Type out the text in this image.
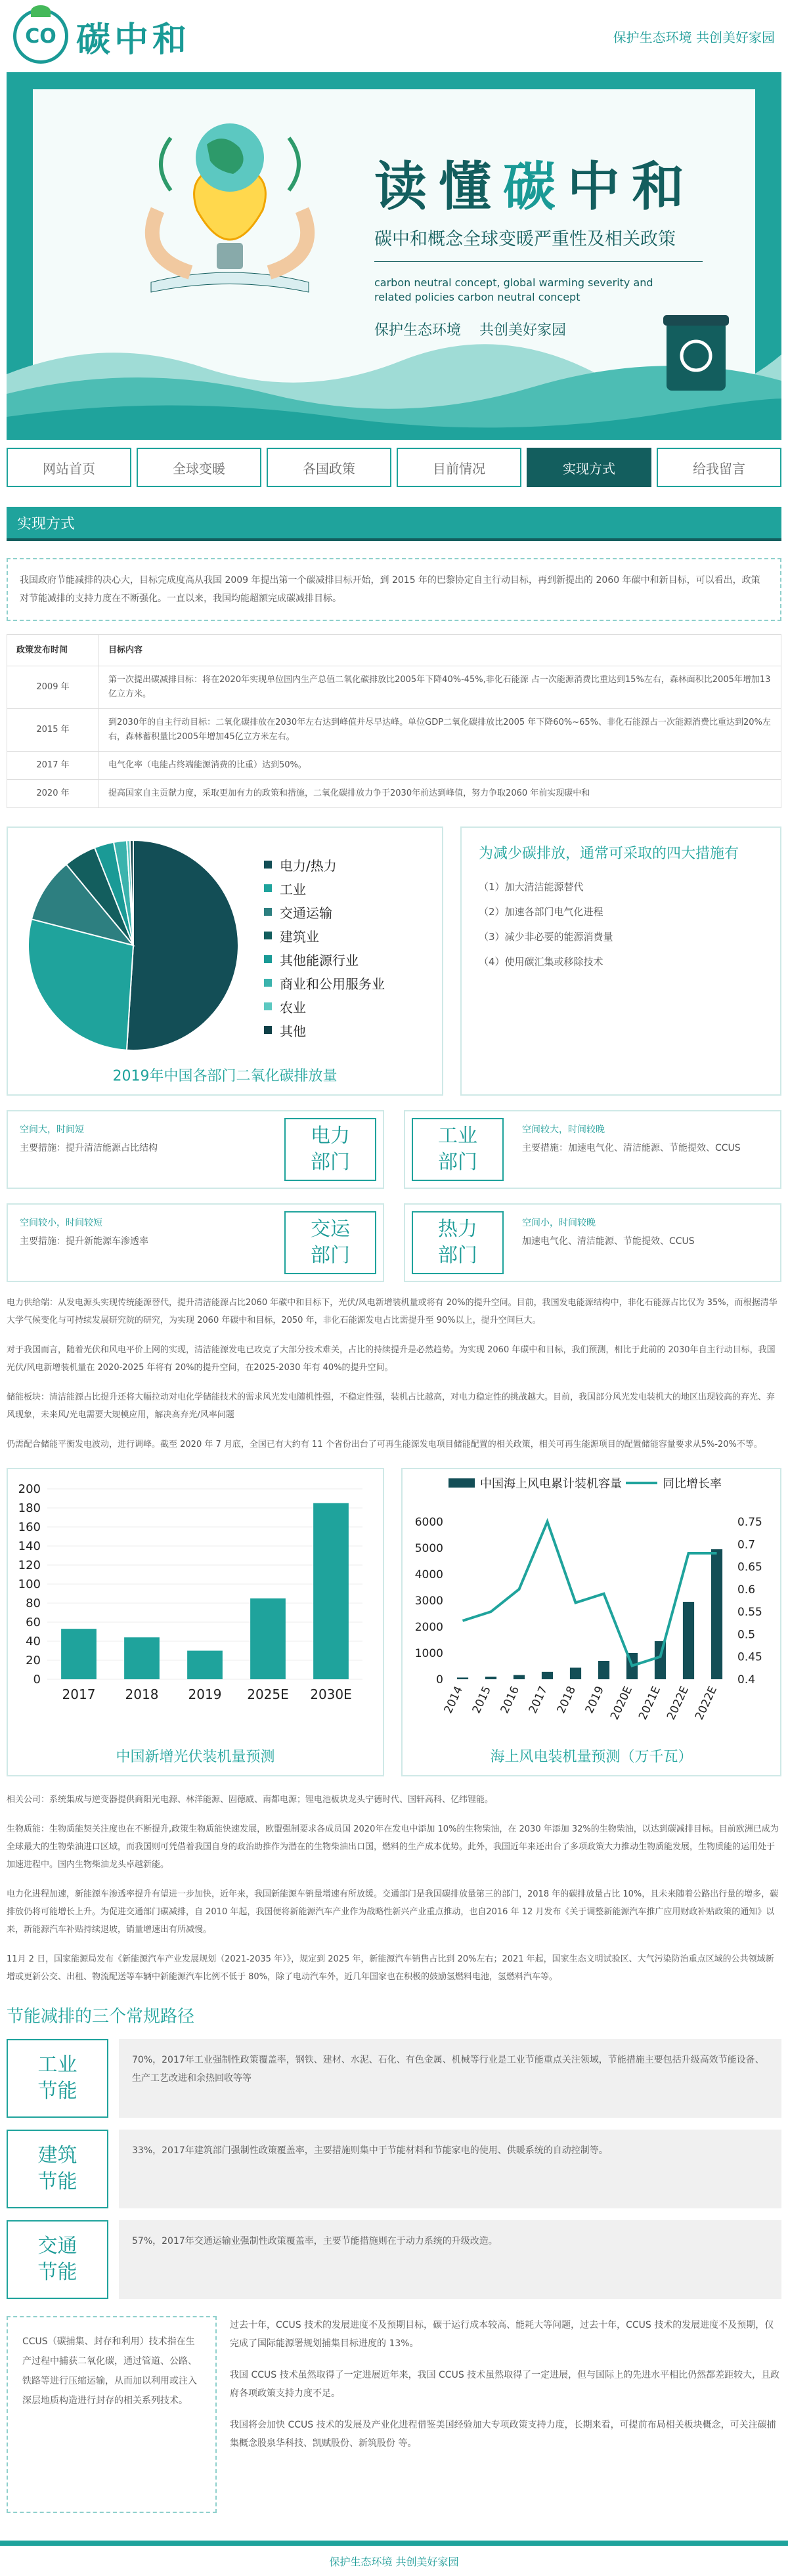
CO 碳中和	保护生态环境 共创美好家园
读懂碳中和
碳中和概念全球变暖严重性及相关政策
carbon neutral concept, global warming severity and related policies carbon neutral concept
保护生态环境    共创美好家园
网站首页	全球变暖	各国政策	目前情况	实现方式	给我留言
实现方式
我国政府节能减排的决心大，目标完成度高从我国 2009 年提出第一个碳减排目标开始，到 2015 年的巴黎协定自主行动目标，再到新提出的 2060 年碳中和新目标，可以看出，政策对节能减排的支持力度在不断强化。一直以来，我国均能超额完成碳减排目标。
政策发布时间	目标内容
2009 年	第一次提出碳减排目标：将在2020年实现单位国内生产总值二氧化碳排放比2005年下降40%-45%,非化石能源 占一次能源消费比重达到15%左右，森林面积比2005年增加13亿立方米。
2015 年	到2030年的自主行动目标：二氧化碳排放在2030年左右达到峰值并尽早达峰。单位GDP二氧化碳排放比2005 年下降60%~65%、非化石能源占一次能源消费比重达到20%左右，森林蓄积量比2005年增加45亿立方米左右。
2017 年	电气化率（电能占终端能源消费的比重）达到50%。
2020 年	提高国家自主贡献力度，采取更加有力的政策和措施，二氧化碳排放力争于2030年前达到峰值，努力争取2060 年前实现碳中和
电力/热力
工业
交通运输
建筑业
其他能源行业
商业和公用服务业
农业
其他
2019年中国各部门二氧化碳排放量
为减少碳排放，通常可采取的四大措施有
（1）加大清洁能源替代
（2）加速各部门电气化进程
（3）减少非必要的能源消费量
（4）使用碳汇集或移除技术
空间大，时间短
主要措施：提升清洁能源占比结构
电力
部门
工业
部门
空间较大，时间较晚
主要措施：加速电气化、清洁能源、节能提效、CCUS
空间较小，时间较短
主要措施：提升新能源车渗透率
交运
部门
热力
部门
空间小，时间较晚
加速电气化、清洁能源、节能提效、CCUS
电力供给端：从发电源头实现传统能源替代，提升清洁能源占比2060 年碳中和目标下，光伏/风电新增装机量或将有 20%的提升空间。目前，我国发电能源结构中，非化石能源占比仅为 35%，而根据清华大学气候变化与可持续发展研究院的研究，为实现 2060 年碳中和目标，2050 年，非化石能源发电占比需提升至 90%以上，提升空间巨大。
对于我国而言，随着光伏和风电平价上网的实现，清洁能源发电已攻克了大部分技术难关，占比的持续提升是必然趋势。为实现 2060 年碳中和目标，我们预测，相比于此前的 2030年自主行动目标，我国光伏/风电新增装机量在 2020-2025 年将有 20%的提升空间，在2025-2030 年有 40%的提升空间。
储能板块：清洁能源占比提升还将大幅拉动对电化学储能技术的需求风光发电随机性强，不稳定性强，装机占比越高，对电力稳定性的挑战越大。目前，我国部分风光发电装机大的地区出现较高的弃光、弃风现象，未来风/光电需要大规模应用，解决高弃光/风率问题
仍需配合储能平衡发电波动，进行调峰。截至 2020 年 7 月底，全国已有大约有 11 个省份出台了可再生能源发电项目储能配置的相关政策，相关可再生能源项目的配置储能容量要求从5%-20%不等。
0
20
40
60
80
100
120
140
160
180
200
2017 2018 2019 2025E 2030E
中国新增光伏装机量预测
0
1000
2000
3000
4000
5000
6000
0.4
0.45
0.5
0.55
0.6
0.65
0.7
0.75
2014 2015 2016 2017 2018 2019 2020E 2021E 2022E 2022E
中国海上风电累计装机容量	同比增长率
海上风电装机量预测（万千瓦）
相关公司：系统集成与逆变器提供商阳光电源、林洋能源、固德威、南都电源；锂电池板块龙头宁德时代、国轩高科、亿纬锂能。
生物质能：生物质能契关注度也在不断提升,政策生物质能快速发展，欧盟强制要求各成员国 2020年在发电中添加 10%的生物柴油，在 2030 年添加 32%的生物柴油，以达到碳减排目标。目前欧洲已成为全球最大的生物柴油进口区域，而我国则可凭借着我国自身的政治助推作为潜在的生物柴油出口国，燃料的生产成本优势。此外，我国近年来还出台了多项政策大力推动生物质能发展，生物质能的运用处于加速进程中。国内生物柴油龙头卓越新能。
电力化进程加速，新能源车渗透率提升有望进一步加快，近年来，我国新能源车销量增速有所放缓。交通部门是我国碳排放量第三的部门，2018 年的碳排放量占比 10%，且未来随着公路出行量的增多，碳排放仍将可能增长上升。为促进交通部门碳减排，自 2010 年起，我国便将新能源汽车产业作为战略性新兴产业重点推动，也自2016 年 12 月发布《关于调整新能源汽车推广应用财政补贴政策的通知》以来，新能源汽车补贴持续退坡，销量增速出有所减慢。
11月 2 日，国家能源局发布《新能源汽车产业发展规划（2021-2035 年）》，规定到 2025 年，新能源汽车销售占比到 20%左右；2021 年起，国家生态文明试验区、大气污染防治重点区域的公共领域新增或更新公交、出租、物流配送等车辆中新能源汽车比例不低于 80%，除了电动汽车外，近几年国家也在积极的鼓励氢燃料电池，氢燃料汽车等。
节能减排的三个常规路径
工业
节能
70%，2017年工业强制性政策覆盖率，钢铁、建材、水泥、石化、有色金属、机械等行业是工业节能重点关注领域，节能措施主要包括升级高效节能设备、生产工艺改进和余热回收等等
建筑
节能
33%，2017年建筑部门强制性政策覆盖率，主要措施则集中于节能材料和节能家电的使用、供暖系统的自动控制等。
交通
节能
57%，2017年交通运输业强制性政策覆盖率，主要节能措施则在于动力系统的升级改造。
CCUS（碳捕集、封存和利用）技术指在生产过程中捕获二氧化碳，通过管道、公路、铁路等进行压缩运输，从而加以利用或注入深层地质构造进行封存的相关系列技术。

过去十年，CCUS 技术的发展进度不及预期目标，碳于运行成本较高、能耗大等问题，过去十年，CCUS 技术的发展进度不及预期，仅完成了国际能源署规划捕集目标进度的 13%。

我国 CCUS 技术虽然取得了一定进展近年来，我国 CCUS 技术虽然取得了一定进展，但与国际上的先进水平相比仍然都差距较大，且政府各项政策支持力度不足。

我国将会加快 CCUS 技术的发展及产业化进程借鉴美国经验加大专项政策支持力度，长期来看，可提前布局相关板块概念，可关注碳捕集概念股泉华科技、凯赋股份、新筑股份 等。

保护生态环境 共创美好家园
